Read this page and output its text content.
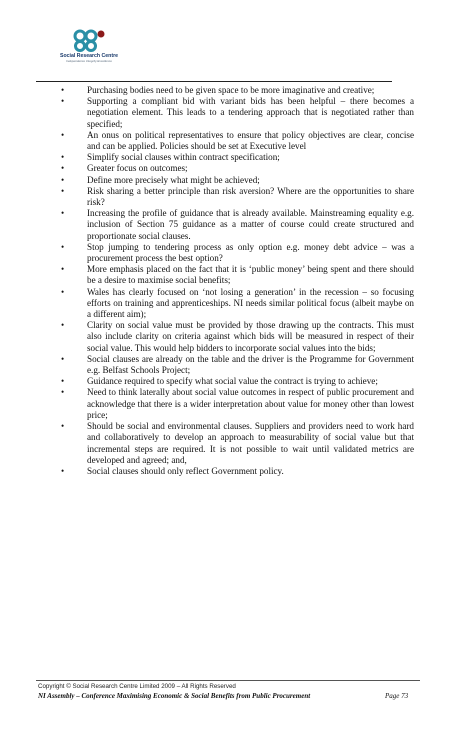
Social Research Centre
Independence Integrity Excellence
• Purchasing bodies need to be given space to be more imaginative and creative;
• Supporting a compliant bid with variant bids has been helpful – there becomes a negotiation element. This leads to a tendering approach that is negotiated rather than specified;
• An onus on political representatives to ensure that policy objectives are clear, concise and can be applied. Policies should be set at Executive level
• Simplify social clauses within contract specification;
• Greater focus on outcomes;
• Define more precisely what might be achieved;
• Risk sharing a better principle than risk aversion? Where are the opportunities to share risk?
• Increasing the profile of guidance that is already available. Mainstreaming equality e.g. inclusion of Section 75 guidance as a matter of course could create structured and proportionate social clauses.
• Stop jumping to tendering process as only option e.g. money debt advice – was a procurement process the best option?
• More emphasis placed on the fact that it is ‘public money’ being spent and there should be a desire to maximise social benefits;
• Wales has clearly focused on ‘not losing a generation’ in the recession – so focusing efforts on training and apprenticeships. NI needs similar political focus (albeit maybe on a different aim);
• Clarity on social value must be provided by those drawing up the contracts. This must also include clarity on criteria against which bids will be measured in respect of their social value. This would help bidders to incorporate social values into the bids;
• Social clauses are already on the table and the driver is the Programme for Government e.g. Belfast Schools Project;
• Guidance required to specify what social value the contract is trying to achieve;
• Need to think laterally about social value outcomes in respect of public procurement and acknowledge that there is a wider interpretation about value for money other than lowest price;
• Should be social and environmental clauses. Suppliers and providers need to work hard and collaboratively to develop an approach to measurability of social value but that incremental steps are required. It is not possible to wait until validated metrics are developed and agreed; and,
• Social clauses should only reflect Government policy.
Copyright © Social Research Centre Limited 2009 – All Rights Reserved
NI Assembly – Conference Maximising Economic & Social Benefits from Public Procurement	Page 73
